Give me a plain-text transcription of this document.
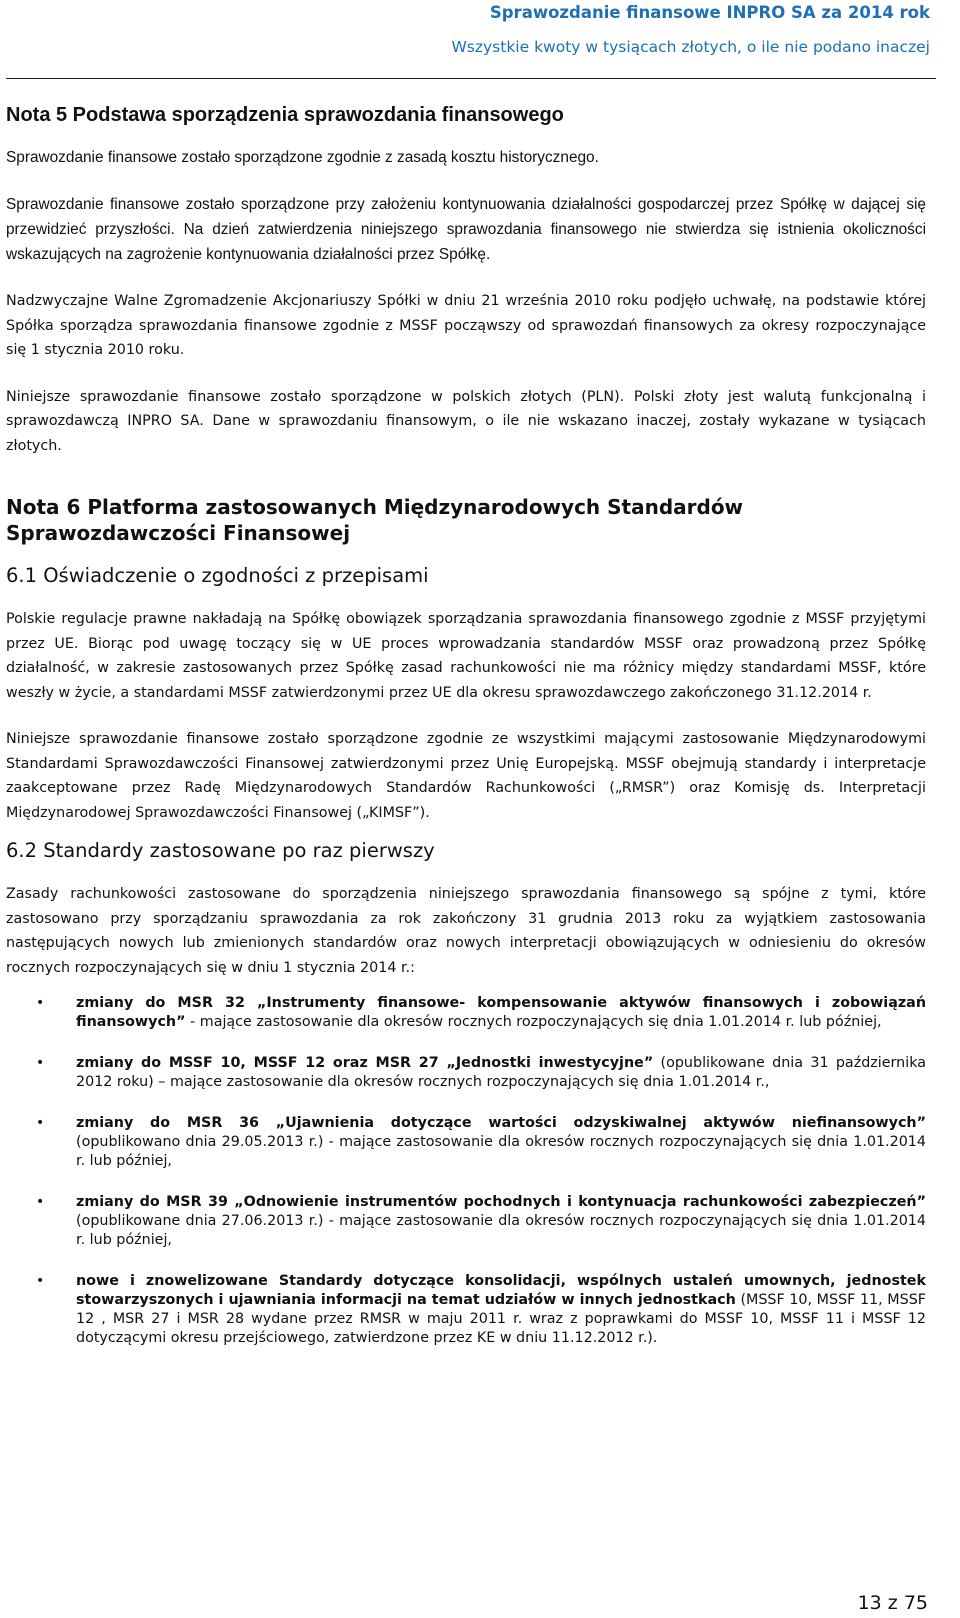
Sprawozdanie finansowe INPRO SA za 2014 rok
Wszystkie kwoty w tysiącach złotych, o ile nie podano inaczej
Nota 5 Podstawa sporządzenia sprawozdania finansowego

Sprawozdanie finansowe zostało sporządzone zgodnie z zasadą kosztu historycznego.

Sprawozdanie finansowe zostało sporządzone przy założeniu kontynuowania działalności gospodarczej przez Spółkę w dającej się przewidzieć przyszłości. Na dzień zatwierdzenia niniejszego sprawozdania finansowego nie stwierdza się istnienia okoliczności wskazujących na zagrożenie kontynuowania działalności przez Spółkę.

Nadzwyczajne Walne Zgromadzenie Akcjonariuszy Spółki w dniu 21 września 2010 roku podjęło uchwałę, na podstawie której Spółka sporządza sprawozdania finansowe zgodnie z MSSF począwszy od sprawozdań finansowych za okresy rozpoczynające się 1 stycznia 2010 roku.

Niniejsze sprawozdanie finansowe zostało sporządzone w polskich złotych (PLN). Polski złoty jest walutą funkcjonalną i sprawozdawczą INPRO SA. Dane w sprawozdaniu finansowym, o ile nie wskazano inaczej, zostały wykazane w tysiącach złotych.

Nota 6 Platforma zastosowanych Międzynarodowych Standardów Sprawozdawczości Finansowej
6.1 Oświadczenie o zgodności z przepisami

Polskie regulacje prawne nakładają na Spółkę obowiązek sporządzania sprawozdania finansowego zgodnie z MSSF przyjętymi przez UE. Biorąc pod uwagę toczący się w UE proces wprowadzania standardów MSSF oraz prowadzoną przez Spółkę działalność, w zakresie zastosowanych przez Spółkę zasad rachunkowości nie ma różnicy między standardami MSSF, które weszły w życie, a standardami MSSF zatwierdzonymi przez UE dla okresu sprawozdawczego zakończonego 31.12.2014 r.

Niniejsze sprawozdanie finansowe zostało sporządzone zgodnie ze wszystkimi mającymi zastosowanie Międzynarodowymi Standardami Sprawozdawczości Finansowej zatwierdzonymi przez Unię Europejską. MSSF obejmują standardy i interpretacje zaakceptowane przez Radę Międzynarodowych Standardów Rachunkowości („RMSR”) oraz Komisję ds. Interpretacji Międzynarodowej Sprawozdawczości Finansowej („KIMSF”).

6.2 Standardy zastosowane po raz pierwszy

Zasady rachunkowości zastosowane do sporządzenia niniejszego sprawozdania finansowego są spójne z tymi, które zastosowano przy sporządzaniu sprawozdania za rok zakończony 31 grudnia 2013 roku za wyjątkiem zastosowania następujących nowych lub zmienionych standardów oraz nowych interpretacji obowiązujących w odniesieniu do okresów rocznych rozpoczynających się w dniu 1 stycznia 2014 r.:

• zmiany do MSR 32 „Instrumenty finansowe- kompensowanie aktywów finansowych i zobowiązań finansowych” - mające zastosowanie dla okresów rocznych rozpoczynających się dnia 1.01.2014 r. lub później,
• zmiany do MSSF 10, MSSF 12 oraz MSR 27 „Jednostki inwestycyjne” (opublikowane dnia 31 października 2012 roku) – mające zastosowanie dla okresów rocznych rozpoczynających się dnia 1.01.2014 r.,
• zmiany do MSR 36 „Ujawnienia dotyczące wartości odzyskiwalnej aktywów niefinansowych” (opublikowano dnia 29.05.2013 r.) - mające zastosowanie dla okresów rocznych rozpoczynających się dnia 1.01.2014 r. lub później,
• zmiany do MSR 39 „Odnowienie instrumentów pochodnych i kontynuacja rachunkowości zabezpieczeń” (opublikowane dnia 27.06.2013 r.) - mające zastosowanie dla okresów rocznych rozpoczynających się dnia 1.01.2014 r. lub później,
• nowe i znowelizowane Standardy dotyczące konsolidacji, wspólnych ustaleń umownych, jednostek stowarzyszonych i ujawniania informacji na temat udziałów w innych jednostkach (MSSF 10, MSSF 11, MSSF 12 , MSR 27 i MSR 28 wydane przez RMSR w maju 2011 r. wraz z poprawkami do MSSF 10, MSSF 11 i MSSF 12 dotyczącymi okresu przejściowego, zatwierdzone przez KE w dniu 11.12.2012 r.).
13 z 75
